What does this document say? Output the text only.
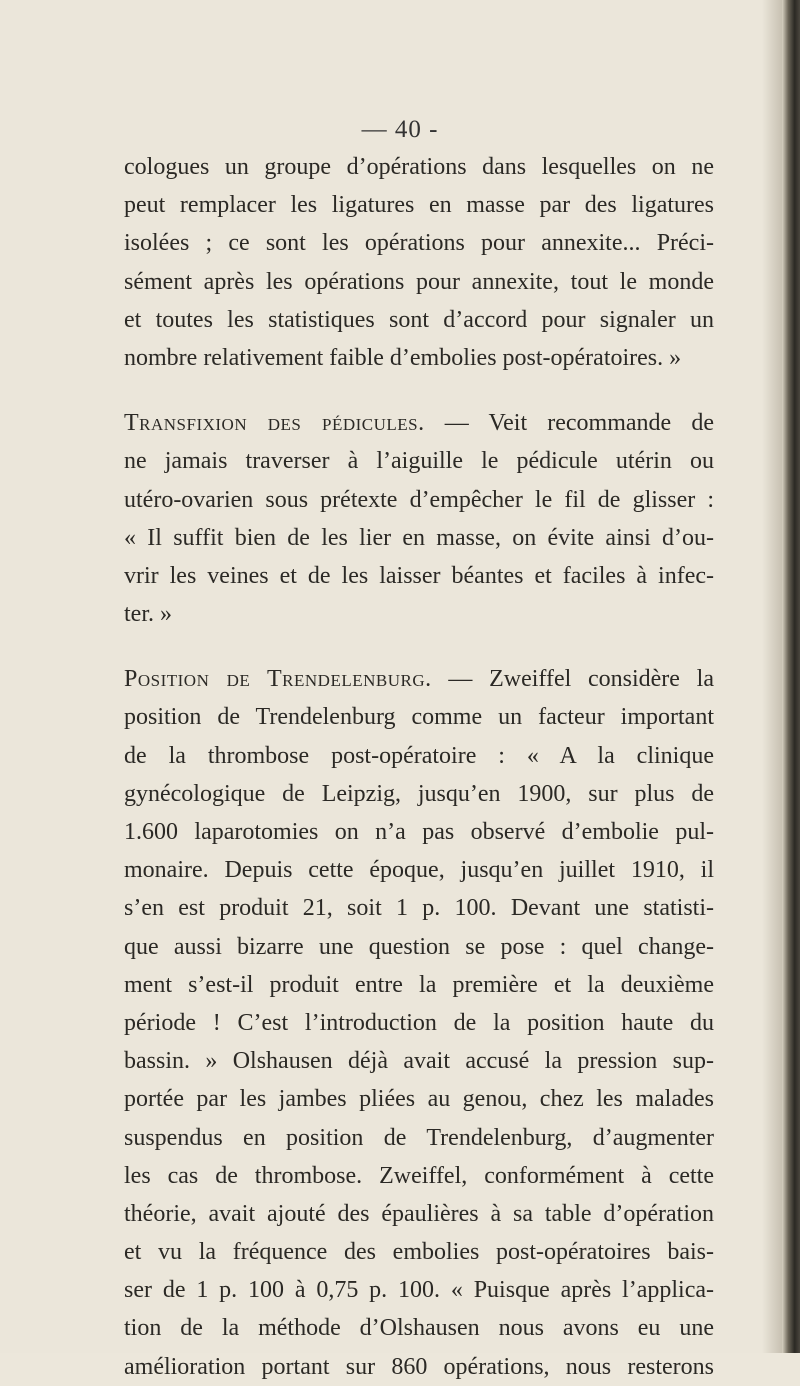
— 40 -
cologues un groupe d’opérations dans lesquelles on ne
peut remplacer les ligatures en masse par des ligatures
isolées ; ce sont les opérations pour annexite... Préci-
sément après les opérations pour annexite, tout le monde
et toutes les statistiques sont d’accord pour signaler un
nombre relativement faible d’embolies post-opératoires. »
Transfixion des pédicules. — Veit recommande de
ne jamais traverser à l’aiguille le pédicule utérin ou
utéro-ovarien sous prétexte d’empêcher le fil de glisser :
« Il suffit bien de les lier en masse, on évite ainsi d’ou-
vrir les veines et de les laisser béantes et faciles à infec-
ter. »
Position de Trendelenburg. — Zweiffel considère la
position de Trendelenburg comme un facteur important
de la thrombose post-opératoire : « A la clinique
gynécologique de Leipzig, jusqu’en 1900, sur plus de
1.600 laparotomies on n’a pas observé d’embolie pul-
monaire. Depuis cette époque, jusqu’en juillet 1910, il
s’en est produit 21, soit 1 p. 100. Devant une statisti-
que aussi bizarre une question se pose : quel change-
ment s’est-il produit entre la première et la deuxième
période ! C’est l’introduction de la position haute du
bassin. » Olshausen déjà avait accusé la pression sup-
portée par les jambes pliées au genou, chez les malades
suspendus en position de Trendelenburg, d’augmenter
les cas de thrombose. Zweiffel, conformément à cette
théorie, avait ajouté des épaulières à sa table d’opération
et vu la fréquence des embolies post-opératoires bais-
ser de 1 p. 100 à 0,75 p. 100. « Puisque après l’applica-
tion de la méthode d’Olshausen nous avons eu une
amélioration portant sur 860 opérations, nous resterons
